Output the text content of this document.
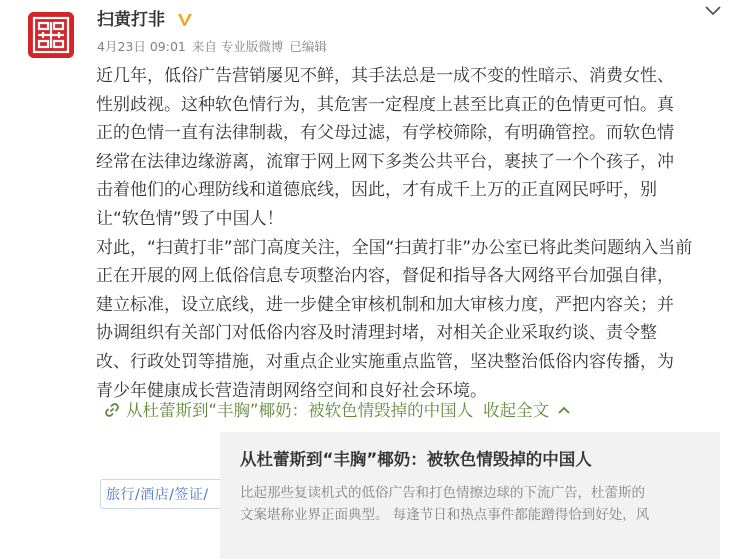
扫黄打非
4月23日 09:01 来自 专业版微博 已编辑

近几年，低俗广告营销屡见不鲜，其手法总是一成不变的性暗示、消费女性、

性别歧视。这种软色情行为，其危害一定程度上甚至比真正的色情更可怕。真

正的色情一直有法律制裁，有父母过滤，有学校筛除，有明确管控。而软色情

经常在法律边缘游离，流窜于网上网下多类公共平台，裹挟了一个个孩子，冲

击着他们的心理防线和道德底线，因此，才有成千上万的正直网民呼吁，别

让“软色情”毁了中国人！

对此，“扫黄打非”部门高度关注，全国“扫黄打非”办公室已将此类问题纳入当前

正在开展的网上低俗信息专项整治内容，督促和指导各大网络平台加强自律，

建立标准，设立底线，进一步健全审核机制和加大审核力度，严把内容关；并

协调组织有关部门对低俗内容及时清理封堵，对相关企业采取约谈、责令整

改、行政处罚等措施，对重点企业实施重点监管，坚决整治低俗内容传播，为

青少年健康成长营造清朗网络空间和良好社会环境。

从杜蕾斯到“丰胸”椰奶：被软色情毁掉的中国人 收起全文
旅行/酒店/签证/
从杜蕾斯到“丰胸”椰奶：被软色情毁掉的中国人

比起那些复读机式的低俗广告和打色情擦边球的下流广告，杜蕾斯的

文案堪称业界正面典型。 每逢节日和热点事件都能蹭得恰到好处，风
